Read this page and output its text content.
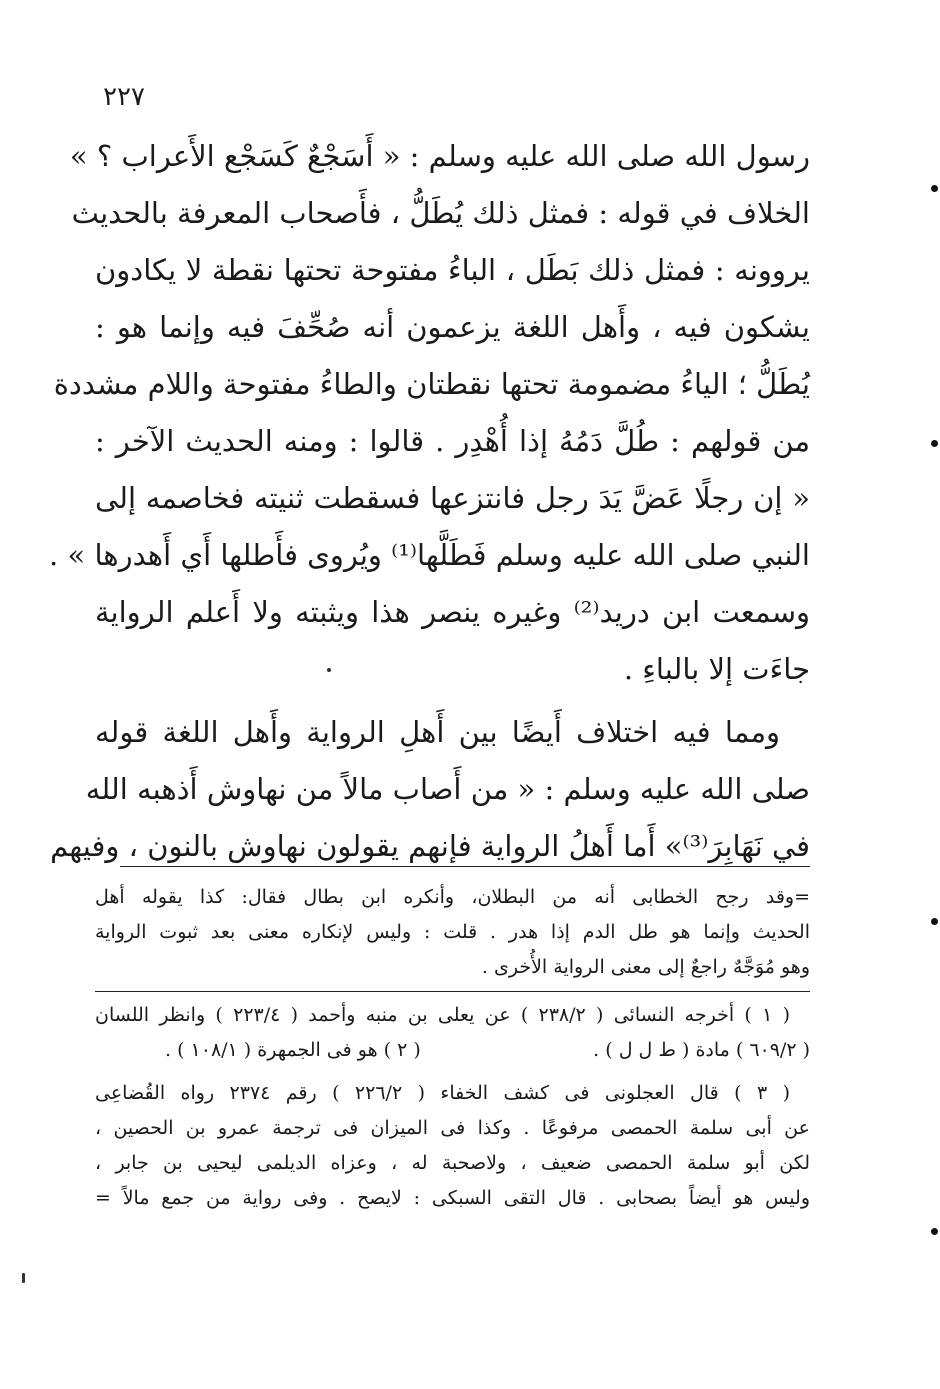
٢٢٧
رسول الله صلى الله عليه وسلم : « أَسَجْعٌ كَسَجْع الأَعراب ؟ »
الخلاف في قوله : فمثل ذلك يُطَلُّ ، فأَصحاب المعرفة بالحديث
يروونه : فمثل ذلك بَطَل ، الباءُ مفتوحة تحتها نقطة لا يكادون
يشكون فيه ، وأَهل اللغة يزعمون أنه صُحِّفَ فيه وإنما هو :
يُطَلُّ ؛ الياءُ مضمومة تحتها نقطتان والطاءُ مفتوحة واللام مشددة
من قولهم : طُلَّ دَمُهُ إذا أُهْدِر . قالوا : ومنه الحديث الآخر :
« إن رجلًا عَضَّ يَدَ رجل فانتزعها فسقطت ثنيته فخاصمه إلى
النبي صلى الله عليه وسلم فَطَلَّها⁽¹⁾ ويُروى فأَطلها أَي أَهدرها » .
وسمعت ابن دريد⁽²⁾ وغيره ينصر هذا ويثبته ولا أَعلم الرواية
جاءَت إلا بالباءِ .
ومما فيه اختلاف أَيضًا بين أَهلِ الرواية وأَهل اللغة قوله
صلى الله عليه وسلم : « من أَصاب مالاً من نهاوش أَذهبه الله
في نَهَابِرَ⁽³⁾» أَما أَهلُ الرواية فإنهم يقولون نهاوش بالنون ، وفيهم
=وقد رجح الخطابى أنه من البطلان، وأنكره ابن بطال فقال: كذا يقوله أهل
الحديث وإنما هو طل الدم إذا هدر . قلت : وليس لإنكاره معنى بعد ثبوت الرواية
وهو مُوَجَّهٌ راجعٌ إلى معنى الرواية الأُخرى .
( ١ ) أخرجه النسائى ( ٢٣٨/٢ ) عن يعلى بن منبه وأحمد ( ٢٢٣/٤ ) وانظر اللسان
( ٦٠٩/٢ ) مادة ( ط ل ل ) .
( ٢ ) هو فى الجمهرة ( ١٠٨/١ ) .
( ٣ ) قال العجلونى فى كشف الخفاء ( ٢٢٦/٢ ) رقم ٢٣٧٤ رواه القُضاعِى
عن أبى سلمة الحمصى مرفوعًا . وكذا فى الميزان فى ترجمة عمرو بن الحصين ،
لكن أبو سلمة الحمصى ضعيف ، ولاصحبة له ، وعزاه الديلمى ليحيى بن جابر ،
وليس هو أيضاً بصحابى . قال التقى السبكى : لايصح . وفى رواية من جمع مالاً =
